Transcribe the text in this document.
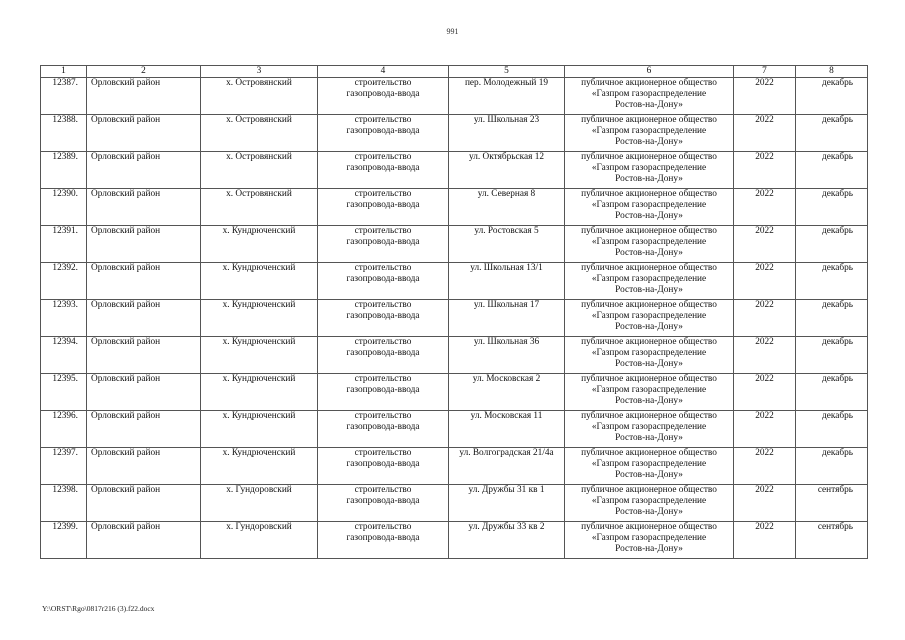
991
1	2	3	4	5	6	7	8

12387.	Орловский район	х. Островянский	строительство
газопровода-ввода	пер. Молодежный 19	публичное акционерное общество
«Газпром газораспределение
Ростов-на-Дону»	2022	декабрь

12388.	Орловский район	х. Островянский	строительство
газопровода-ввода	ул. Школьная 23	публичное акционерное общество
«Газпром газораспределение
Ростов-на-Дону»	2022	декабрь

12389.	Орловский район	х. Островянский	строительство
газопровода-ввода	ул. Октябрьская 12	публичное акционерное общество
«Газпром газораспределение
Ростов-на-Дону»	2022	декабрь

12390.	Орловский район	х. Островянский	строительство
газопровода-ввода	ул. Северная 8	публичное акционерное общество
«Газпром газораспределение
Ростов-на-Дону»	2022	декабрь

12391.	Орловский район	х. Кундрюченский	строительство
газопровода-ввода	ул. Ростовская 5	публичное акционерное общество
«Газпром газораспределение
Ростов-на-Дону»	2022	декабрь

12392.	Орловский район	х. Кундрюченский	строительство
газопровода-ввода	ул. Школьная 13/1	публичное акционерное общество
«Газпром газораспределение
Ростов-на-Дону»	2022	декабрь

12393.	Орловский район	х. Кундрюченский	строительство
газопровода-ввода	ул. Школьная 17	публичное акционерное общество
«Газпром газораспределение
Ростов-на-Дону»	2022	декабрь

12394.	Орловский район	х. Кундрюченский	строительство
газопровода-ввода	ул. Школьная 36	публичное акционерное общество
«Газпром газораспределение
Ростов-на-Дону»	2022	декабрь

12395.	Орловский район	х. Кундрюченский	строительство
газопровода-ввода	ул. Московская 2	публичное акционерное общество
«Газпром газораспределение
Ростов-на-Дону»	2022	декабрь

12396.	Орловский район	х. Кундрюченский	строительство
газопровода-ввода	ул. Московская 11	публичное акционерное общество
«Газпром газораспределение
Ростов-на-Дону»	2022	декабрь

12397.	Орловский район	х. Кундрюченский	строительство
газопровода-ввода	ул. Волгоградская 21/4а	публичное акционерное общество
«Газпром газораспределение
Ростов-на-Дону»	2022	декабрь

12398.	Орловский район	х. Гундоровский	строительство
газопровода-ввода	ул. Дружбы 31 кв 1	публичное акционерное общество
«Газпром газораспределение
Ростов-на-Дону»	2022	сентябрь

12399.	Орловский район	х. Гундоровский	строительство
газопровода-ввода	ул. Дружбы 33 кв 2	публичное акционерное общество
«Газпром газораспределение
Ростов-на-Дону»	2022	сентябрь
Y:\ORST\Rgo\0817r216 (3).f22.docx
